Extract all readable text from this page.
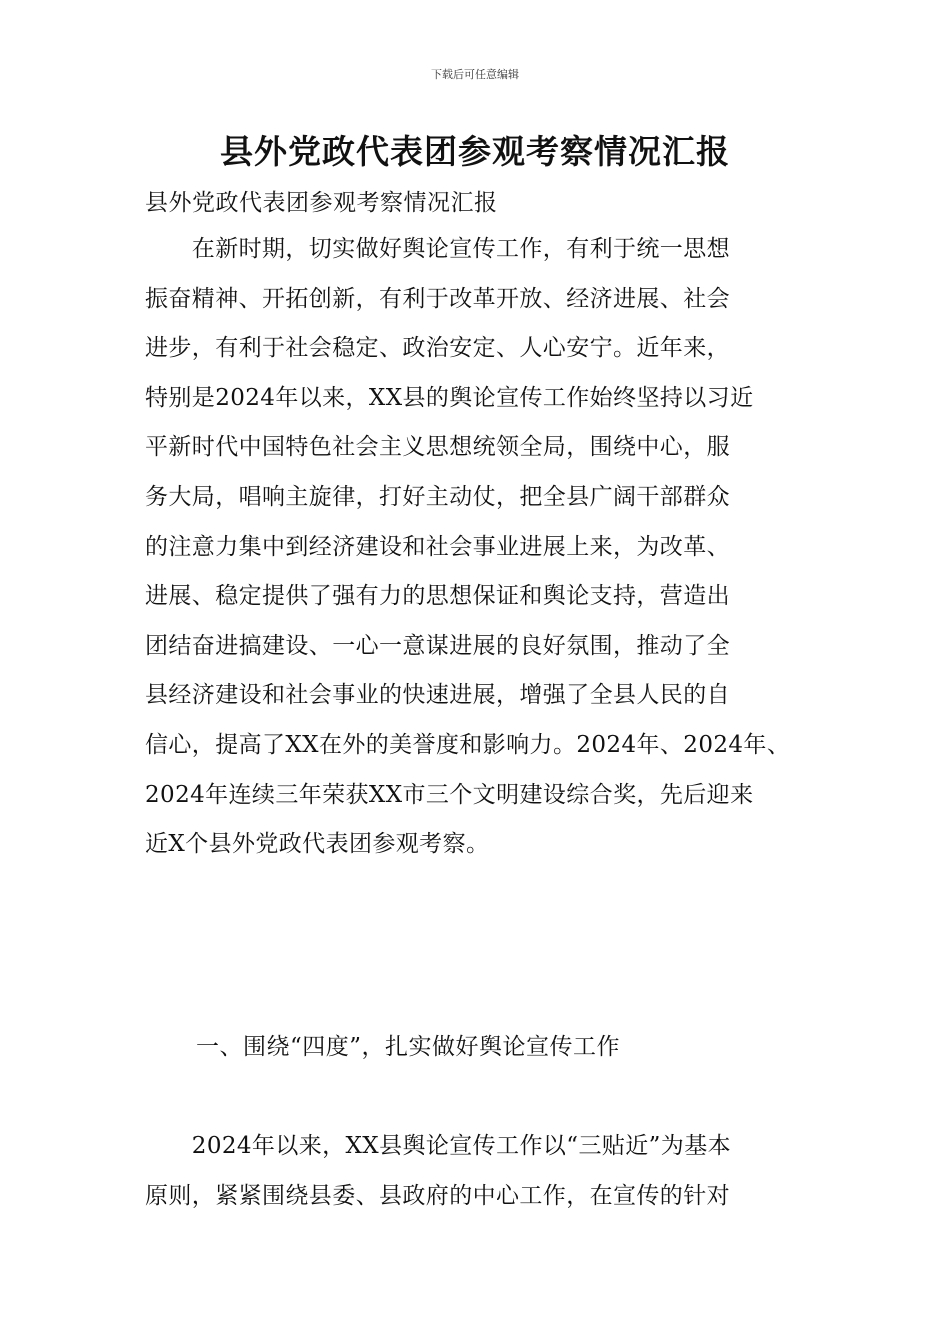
下载后可任意编辑
县外党政代表团参观考察情况汇报
县外党政代表团参观考察情况汇报
　　在新时期，切实做好舆论宣传工作，有利于统一思想
振奋精神、开拓创新，有利于改革开放、经济进展、社会
进步，有利于社会稳定、政治安定、人心安宁。近年来，
特别是2024年以来，XX县的舆论宣传工作始终坚持以习近
平新时代中国特色社会主义思想统领全局，围绕中心，服
务大局，唱响主旋律，打好主动仗，把全县广阔干部群众
的注意力集中到经济建设和社会事业进展上来，为改革、
进展、稳定提供了强有力的思想保证和舆论支持，营造出
团结奋进搞建设、一心一意谋进展的良好氛围，推动了全
县经济建设和社会事业的快速进展，增强了全县人民的自
信心，提高了XX在外的美誉度和影响力。2024年、2024年、
2024年连续三年荣获XX市三个文明建设综合奖，先后迎来
近X个县外党政代表团参观考察。
一、围绕“四度”，扎实做好舆论宣传工作
　　2024年以来，XX县舆论宣传工作以“三贴近”为基本
原则，紧紧围绕县委、县政府的中心工作，在宣传的针对
